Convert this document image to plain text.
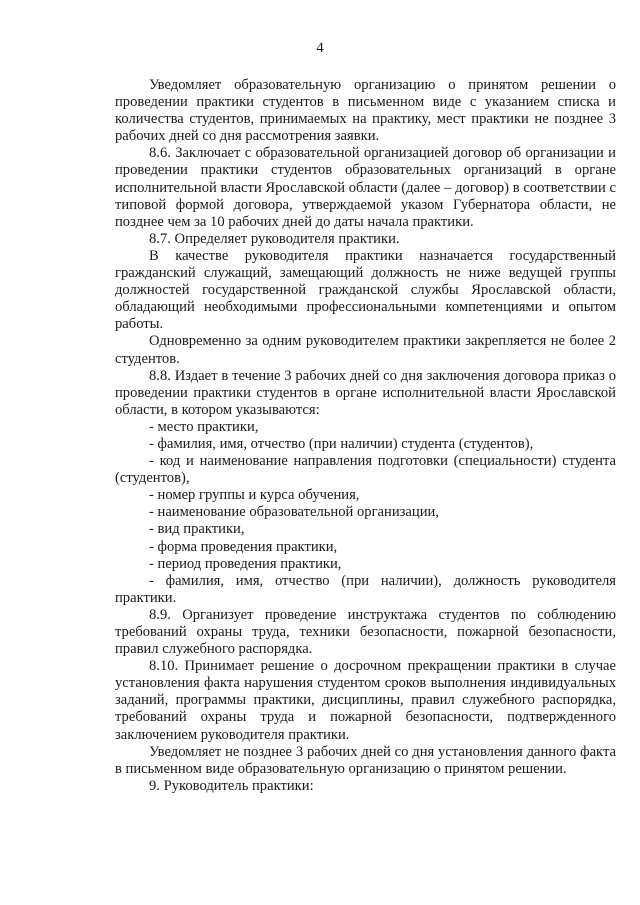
4

Уведомляет образовательную организацию о принятом решении о проведении практики студентов в письменном виде с указанием списка и количества студентов, принимаемых на практику, мест практики не позднее 3 рабочих дней со дня рассмотрения заявки.

8.6. Заключает с образовательной организацией договор об организации и проведении практики студентов образовательных организаций в органе исполнительной власти Ярославской области (далее – договор) в соответствии с типовой формой договора, утверждаемой указом Губернатора области, не позднее чем за 10 рабочих дней до даты начала практики.

8.7. Определяет руководителя практики.

В качестве руководителя практики назначается государственный гражданский служащий, замещающий должность не ниже ведущей группы должностей государственной гражданской службы Ярославской области, обладающий необходимыми профессиональными компетенциями и опытом работы.

Одновременно за одним руководителем практики закрепляется не более 2 студентов.

8.8. Издает в течение 3 рабочих дней со дня заключения договора приказ о проведении практики студентов в органе исполнительной власти Ярославской области, в котором указываются:

- место практики,

- фамилия, имя, отчество (при наличии) студента (студентов),

- код и наименование направления подготовки (специальности) студента (студентов),

- номер группы и курса обучения,

- наименование образовательной организации,

- вид практики,

- форма проведения практики,

- период проведения практики,

- фамилия, имя, отчество (при наличии), должность руководителя практики.

8.9. Организует проведение инструктажа студентов по соблюдению требований охраны труда, техники безопасности, пожарной безопасности, правил служебного распорядка.

8.10. Принимает решение о досрочном прекращении практики в случае установления факта нарушения студентом сроков выполнения индивидуальных заданий, программы практики, дисциплины, правил служебного распорядка, требований охраны труда и пожарной безопасности, подтвержденного заключением руководителя практики.

Уведомляет не позднее 3 рабочих дней со дня установления данного факта в письменном виде образовательную организацию о принятом решении.

9. Руководитель практики:
